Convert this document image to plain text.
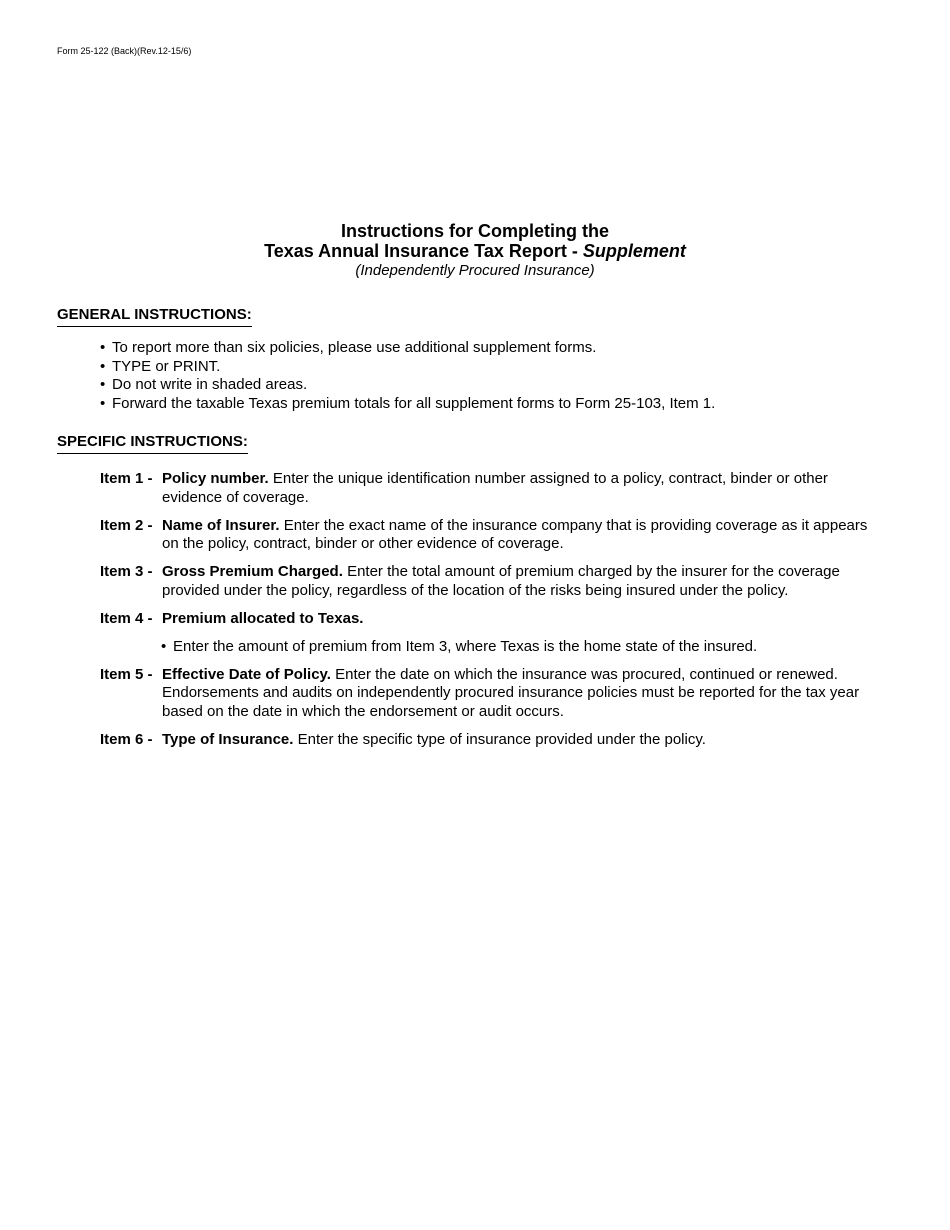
Form 25-122 (Back)(Rev.12-15/6)
Instructions for Completing the
Texas Annual Insurance Tax Report - Supplement
(Independently Procured Insurance)
GENERAL INSTRUCTIONS:
• To report more than six policies, please use additional supplement forms.
• TYPE or PRINT.
• Do not write in shaded areas.
• Forward the taxable Texas premium totals for all supplement forms to Form 25-103, Item 1.
SPECIFIC INSTRUCTIONS:
Item 1 - Policy number. Enter the unique identification number assigned to a policy, contract, binder or other evidence of coverage.
Item 2 - Name of Insurer. Enter the exact name of the insurance company that is providing coverage as it appears on the policy, contract, binder or other evidence of coverage.
Item 3 - Gross Premium Charged. Enter the total amount of premium charged by the insurer for the coverage provided under the policy, regardless of the location of the risks being insured under the policy.
Item 4 - Premium allocated to Texas.
• Enter the amount of premium from Item 3, where Texas is the home state of the insured.
Item 5 - Effective Date of Policy. Enter the date on which the insurance was procured, continued or renewed. Endorsements and audits on independently procured insurance policies must be reported for the tax year based on the date in which the endorsement or audit occurs.
Item 6 - Type of Insurance. Enter the specific type of insurance provided under the policy.
